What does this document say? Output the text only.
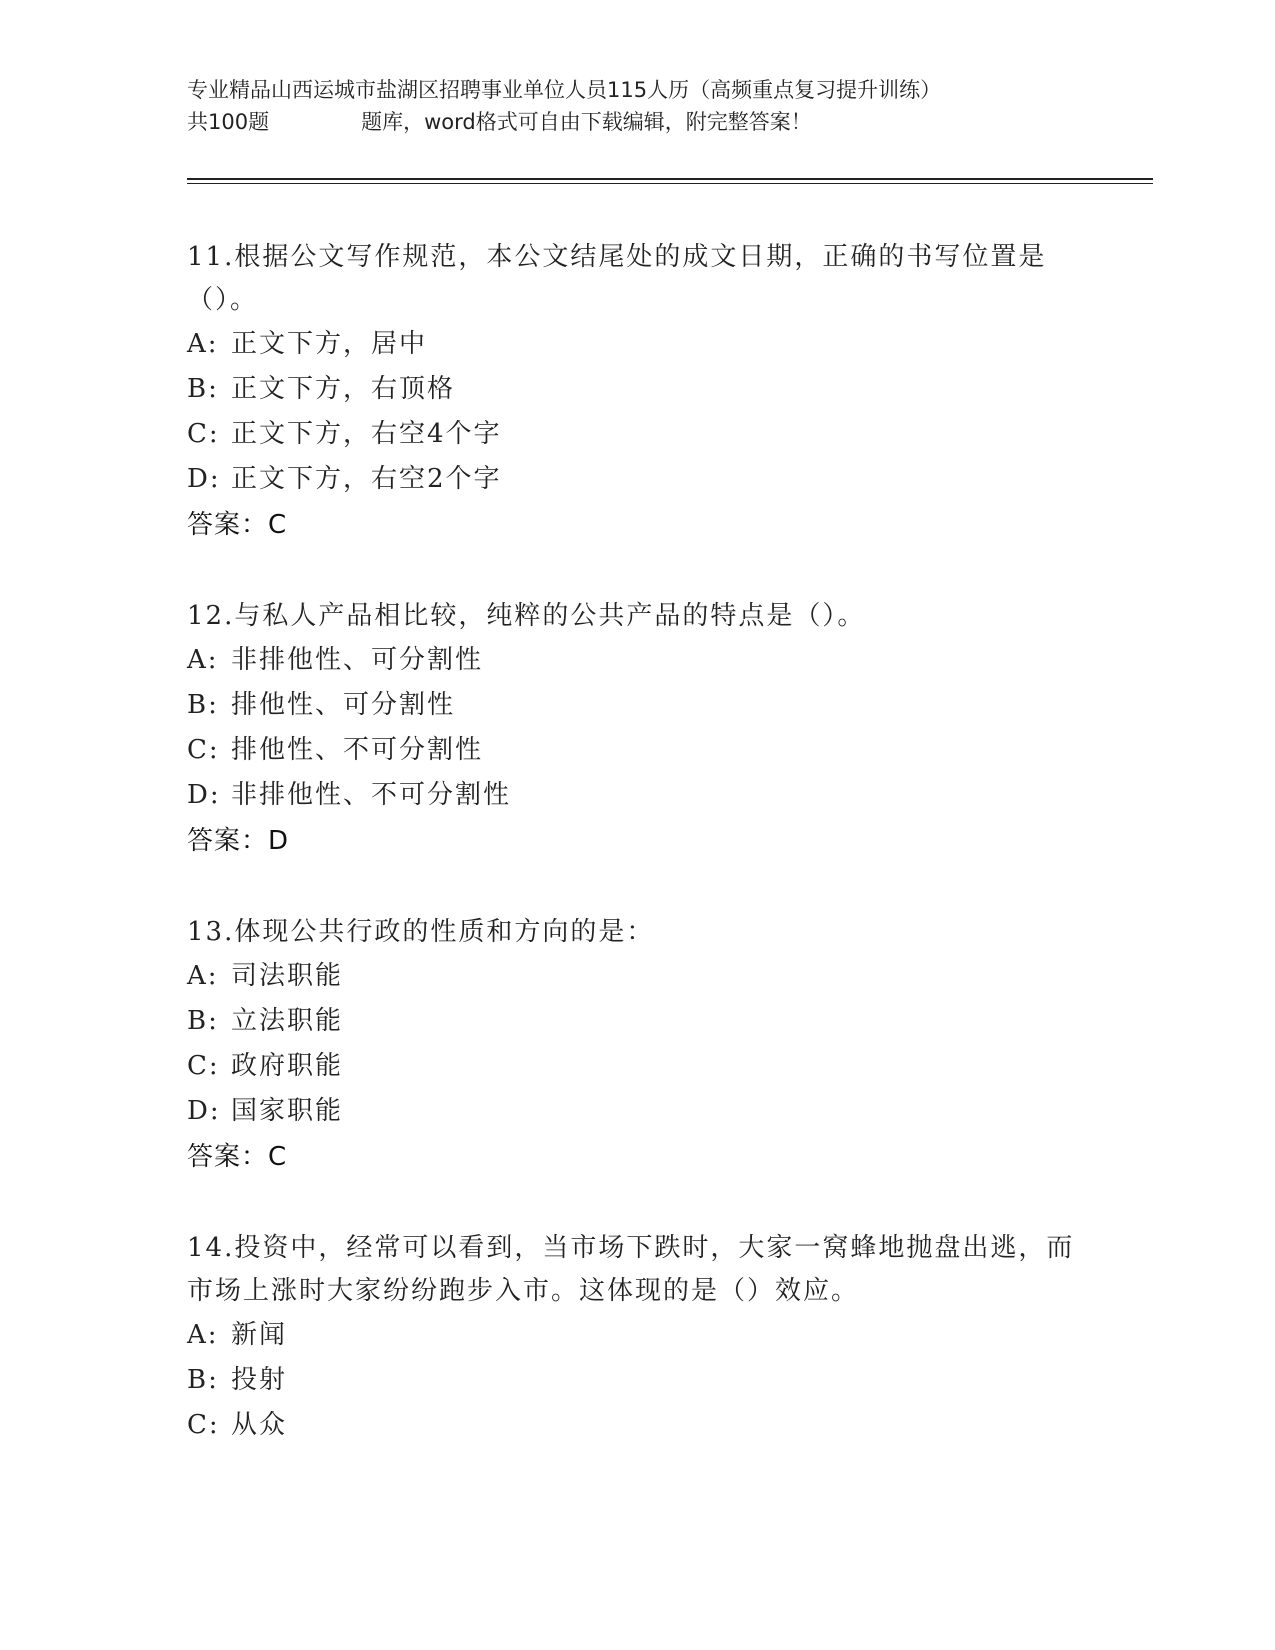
专业精品山西运城市盐湖区招聘事业单位人员115人历（高频重点复习提升训练）
共100题	题库，word格式可自由下载编辑，附完整答案！

11.根据公文写作规范，本公文结尾处的成文日期，正确的书写位置是（）。

A: 正文下方，居中

B: 正文下方，右顶格

C: 正文下方，右空4个字

D: 正文下方，右空2个字

答案：C

12.与私人产品相比较，纯粹的公共产品的特点是（）。

A: 非排他性、可分割性

B: 排他性、可分割性

C: 排他性、不可分割性

D: 非排他性、不可分割性

答案：D

13.体现公共行政的性质和方向的是：

A: 司法职能

B: 立法职能

C: 政府职能

D: 国家职能

答案：C

14.投资中，经常可以看到，当市场下跌时，大家一窝蜂地抛盘出逃，而市场上涨时大家纷纷跑步入市。这体现的是（）效应。

A: 新闻

B: 投射

C: 从众
